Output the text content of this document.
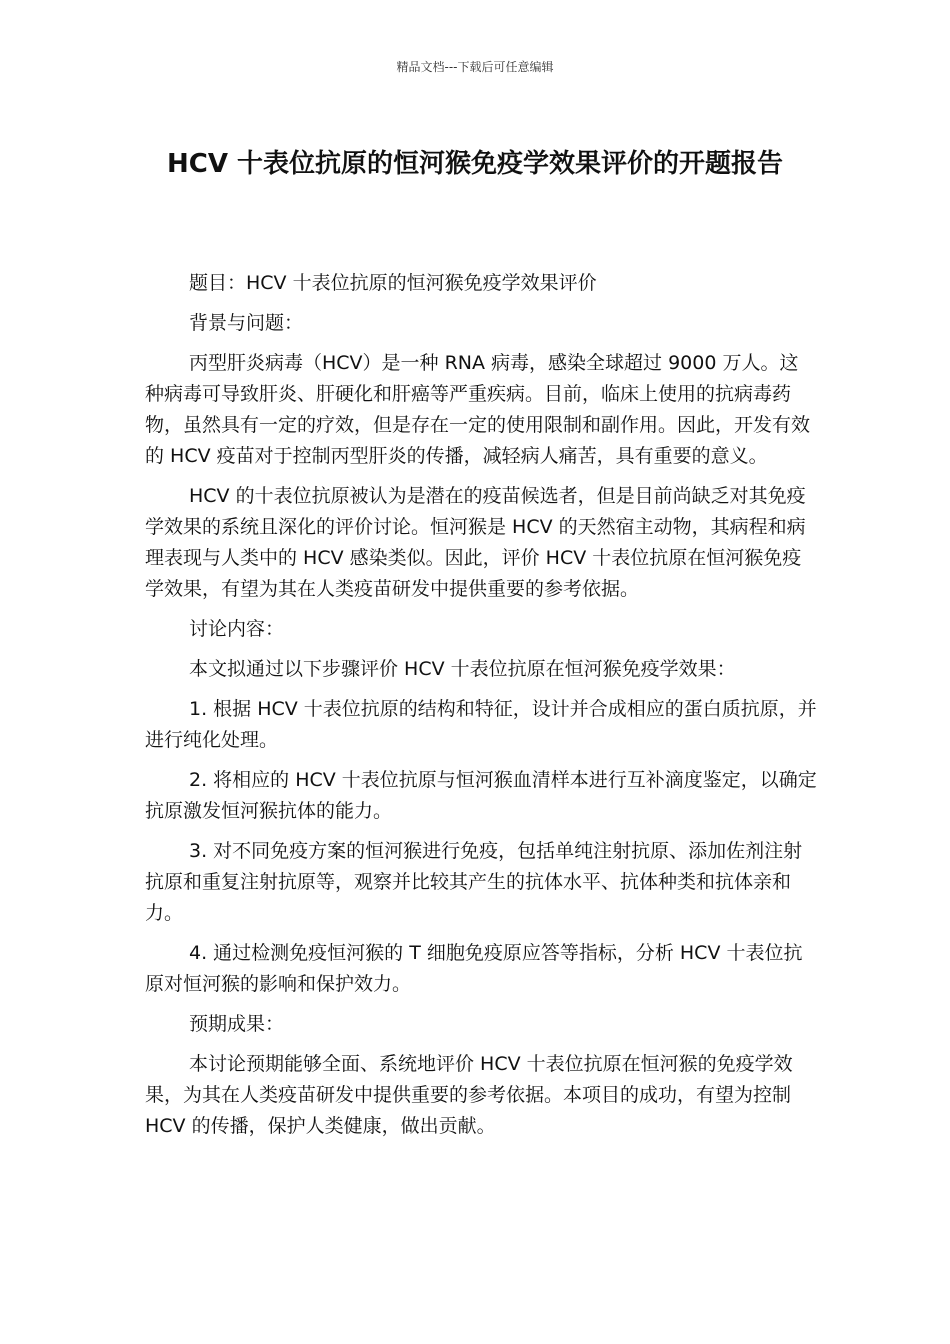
精品文档---下载后可任意编辑
HCV 十表位抗原的恒河猴免疫学效果评价的开题报告

题目：HCV 十表位抗原的恒河猴免疫学效果评价

背景与问题：

丙型肝炎病毒（HCV）是一种 RNA 病毒，感染全球超过 9000 万人。这种病毒可导致肝炎、肝硬化和肝癌等严重疾病。目前，临床上使用的抗病毒药物，虽然具有一定的疗效，但是存在一定的使用限制和副作用。因此，开发有效的 HCV 疫苗对于控制丙型肝炎的传播，减轻病人痛苦，具有重要的意义。

HCV 的十表位抗原被认为是潜在的疫苗候选者，但是目前尚缺乏对其免疫学效果的系统且深化的评价讨论。恒河猴是 HCV 的天然宿主动物，其病程和病理表现与人类中的 HCV 感染类似。因此，评价 HCV 十表位抗原在恒河猴免疫学效果，有望为其在人类疫苗研发中提供重要的参考依据。

讨论内容：

本文拟通过以下步骤评价 HCV 十表位抗原在恒河猴免疫学效果：

1. 根据 HCV 十表位抗原的结构和特征，设计并合成相应的蛋白质抗原，并进行纯化处理。

2. 将相应的 HCV 十表位抗原与恒河猴血清样本进行互补滴度鉴定，以确定抗原激发恒河猴抗体的能力。

3. 对不同免疫方案的恒河猴进行免疫，包括单纯注射抗原、添加佐剂注射抗原和重复注射抗原等，观察并比较其产生的抗体水平、抗体种类和抗体亲和力。

4. 通过检测免疫恒河猴的 T 细胞免疫原应答等指标，分析 HCV 十表位抗原对恒河猴的影响和保护效力。

预期成果：

本讨论预期能够全面、系统地评价 HCV 十表位抗原在恒河猴的免疫学效果，为其在人类疫苗研发中提供重要的参考依据。本项目的成功，有望为控制 HCV 的传播，保护人类健康，做出贡献。
